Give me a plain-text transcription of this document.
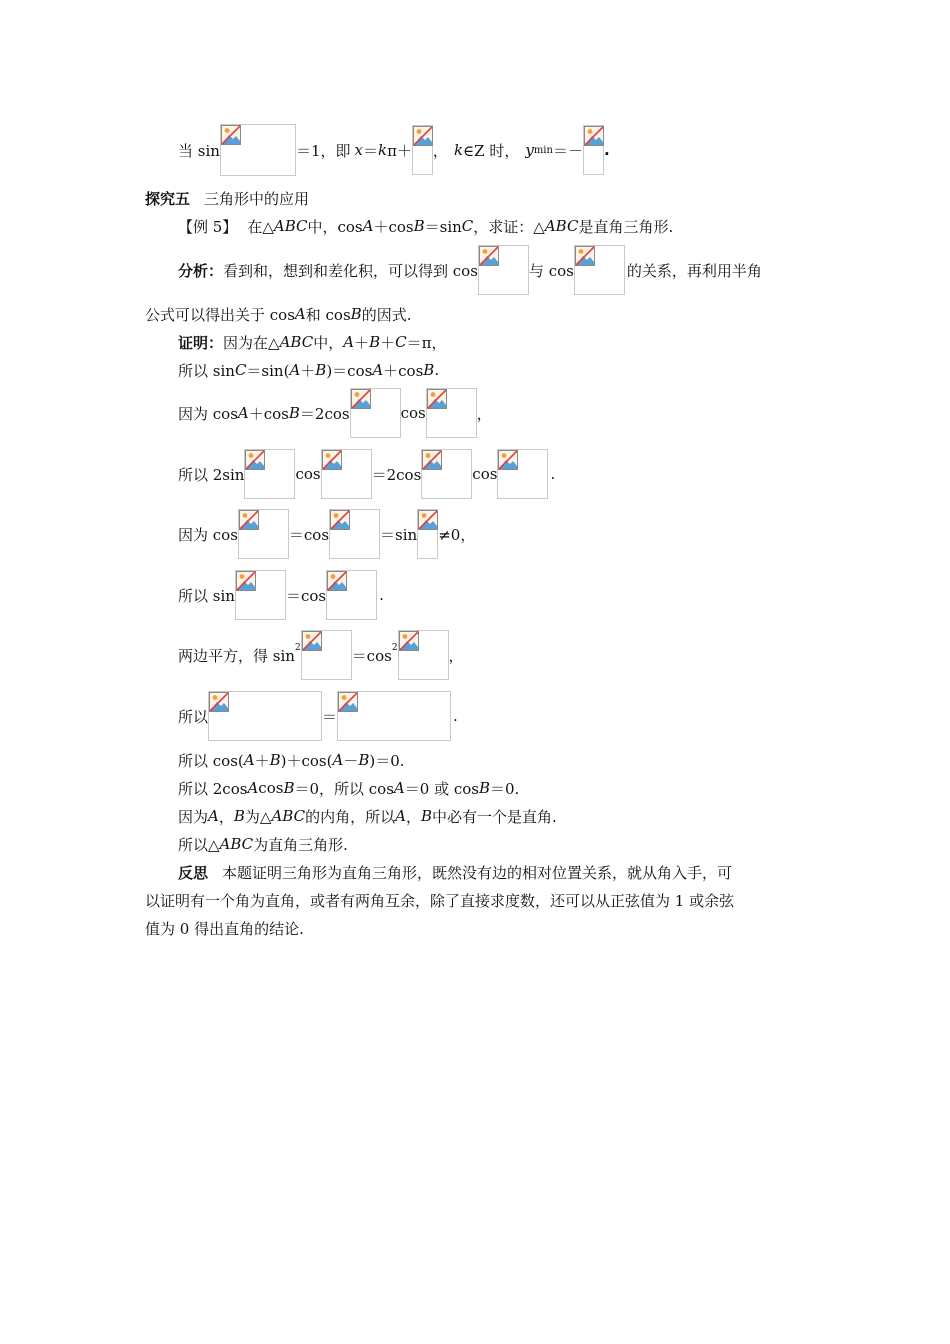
当 sin	＝1，即 x ＝ k π＋ ， k ∈Z 时， y min ＝－ .
探究五 三角形中的应用
【例 5】 在△ ABC 中，cos A ＋cos B ＝sin C ，求证：△ ABC 是直角三角形.
分析： 看到和，想到和差化积，可以得到 cos	与 cos	的关系，再利用半角
公式可以得出关于 cos A 和 cos B 的因式.
证明： 因为在△ ABC 中， A ＋ B ＋ C ＝π，
所以 sin C ＝sin( A ＋ B )＝cos A ＋cos B .
因为 cos A ＋cos B ＝2cos	cos	，
所以 2sin	cos	＝2cos	cos	.
因为 cos	＝cos	＝sin ≠0，
所以 sin	＝cos	.
两边平方，得 sin 2	＝cos 2	，
所以	＝	.
所以 cos( A ＋ B )＋cos( A － B )＝0.
所以 2cos A cos B ＝0，所以 cos A ＝0 或 cos B ＝0.
因为 A ， B 为△ ABC 的内角，所以 A ， B 中必有一个是直角.
所以△ ABC 为直角三角形.
反思 本题证明三角形为直角三角形，既然没有边的相对位置关系，就从角入手，可
以证明有一个角为直角，或者有两角互余，除了直接求度数，还可以从正弦值为 1 或余弦
值为 0 得出直角的结论.
